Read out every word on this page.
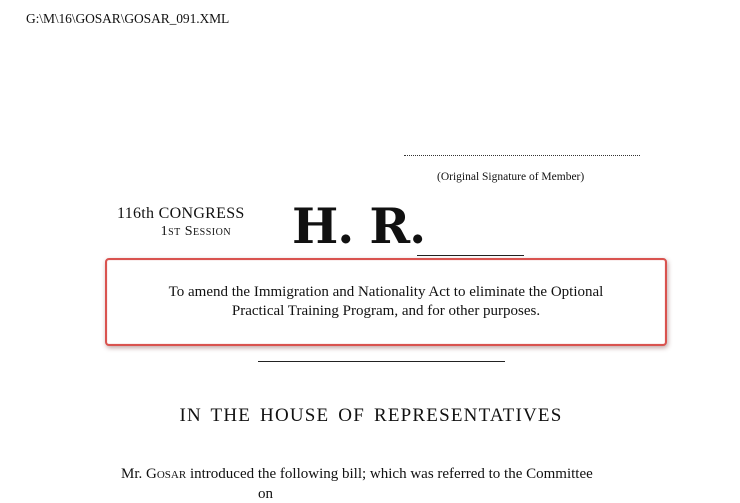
G:\M\16\GOSAR\GOSAR_091.XML
(Original Signature of Member)
116th CONGRESS
1st Session H. R.
To amend the Immigration and Nationality Act to eliminate the Optional
Practical Training Program, and for other purposes.
IN THE HOUSE OF REPRESENTATIVES
Mr. Gosar introduced the following bill; which was referred to the Committee
on
